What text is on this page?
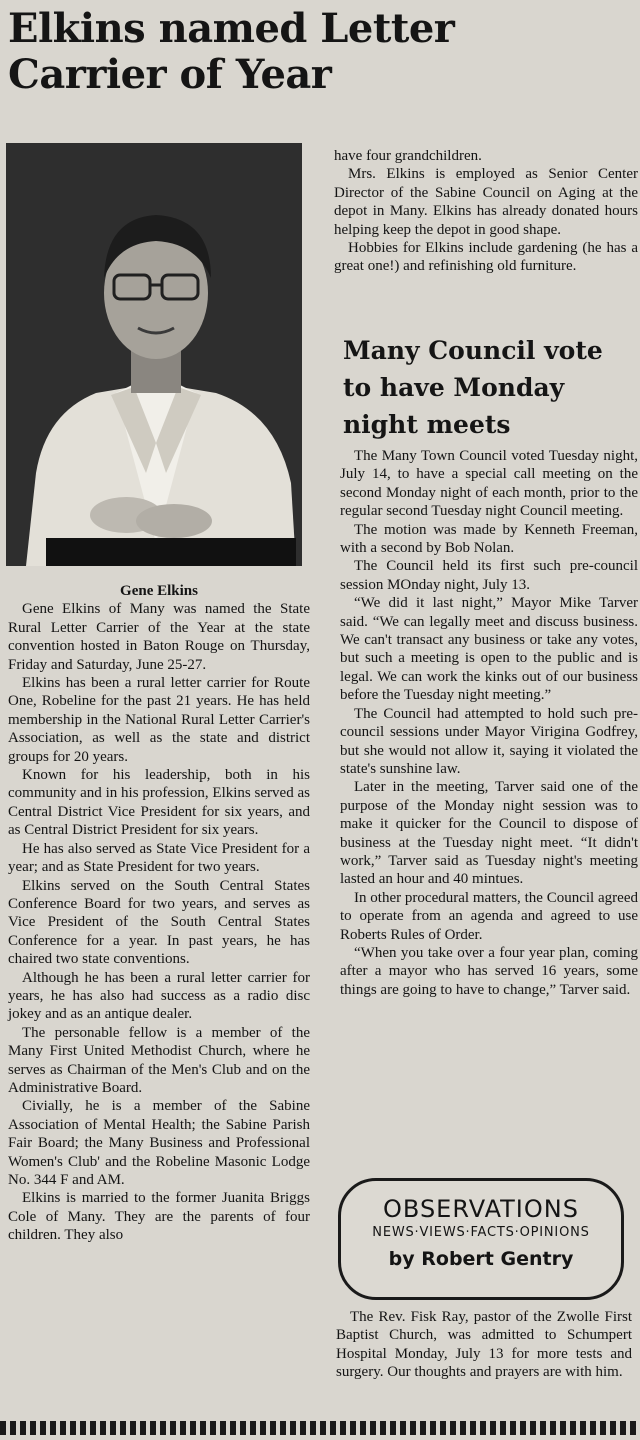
Elkins named Letter Carrier of Year

Gene Elkins

Gene Elkins of Many was named the State Rural Letter Carrier of the Year at the state convention hosted in Baton Rouge on Thursday, Friday and Saturday, June 25-27.

Elkins has been a rural letter carrier for Route One, Robeline for the past 21 years. He has held membership in the National Rural Letter Carrier's Association, as well as the state and district groups for 20 years.

Known for his leadership, both in his community and in his profession, Elkins served as Central District Vice President for six years, and as Central District President for six years.

He has also served as State Vice President for a year; and as State President for two years.

Elkins served on the South Central States Conference Board for two years, and serves as Vice President of the South Central States Conference for a year. In past years, he has chaired two state conventions.

Although he has been a rural letter carrier for years, he has also had success as a radio disc jokey and as an antique dealer.

The personable fellow is a member of the Many First United Methodist Church, where he serves as Chairman of the Men's Club and on the Administrative Board.

Civially, he is a member of the Sabine Association of Mental Health; the Sabine Parish Fair Board; the Many Business and Professional Women's Club' and the Robeline Masonic Lodge No. 344 F and AM.

Elkins is married to the former Juanita Briggs Cole of Many. They are the parents of four children. They also

have four grandchildren.

Mrs. Elkins is employed as Senior Center Director of the Sabine Council on Aging at the depot in Many. Elkins has already donated hours helping keep the depot in good shape.

Hobbies for Elkins include gardening (he has a great one!) and refinishing old furniture.

Many Council vote to have Monday night meets

The Many Town Council voted Tuesday night, July 14, to have a special call meeting on the second Monday night of each month, prior to the regular second Tuesday night Council meeting.

The motion was made by Kenneth Freeman, with a second by Bob Nolan.

The Council held its first such pre-council session MOnday night, July 13.

“We did it last night,” Mayor Mike Tarver said. “We can legally meet and discuss business. We can't transact any business or take any votes, but such a meeting is open to the public and is legal. We can work the kinks out of our business before the Tuesday night meeting.”

The Council had attempted to hold such pre-council sessions under Mayor Virigina Godfrey, but she would not allow it, saying it violated the state's sunshine law.

Later in the meeting, Tarver said one of the purpose of the Monday night session was to make it quicker for the Council to dispose of business at the Tuesday night meet. “It didn't work,” Tarver said as Tuesday night's meeting lasted an hour and 40 mintues.

In other procedural matters, the Council agreed to operate from an agenda and agreed to use Roberts Rules of Order.

“When you take over a four year plan, coming after a mayor who has served 16 years, some things are going to have to change,” Tarver said.

OBSERVATIONS
NEWS·VIEWS·FACTS·OPINIONS
by Robert Gentry

The Rev. Fisk Ray, pastor of the Zwolle First Baptist Church, was admitted to Schumpert Hospital Monday, July 13 for more tests and surgery. Our thoughts and prayers are with him.
